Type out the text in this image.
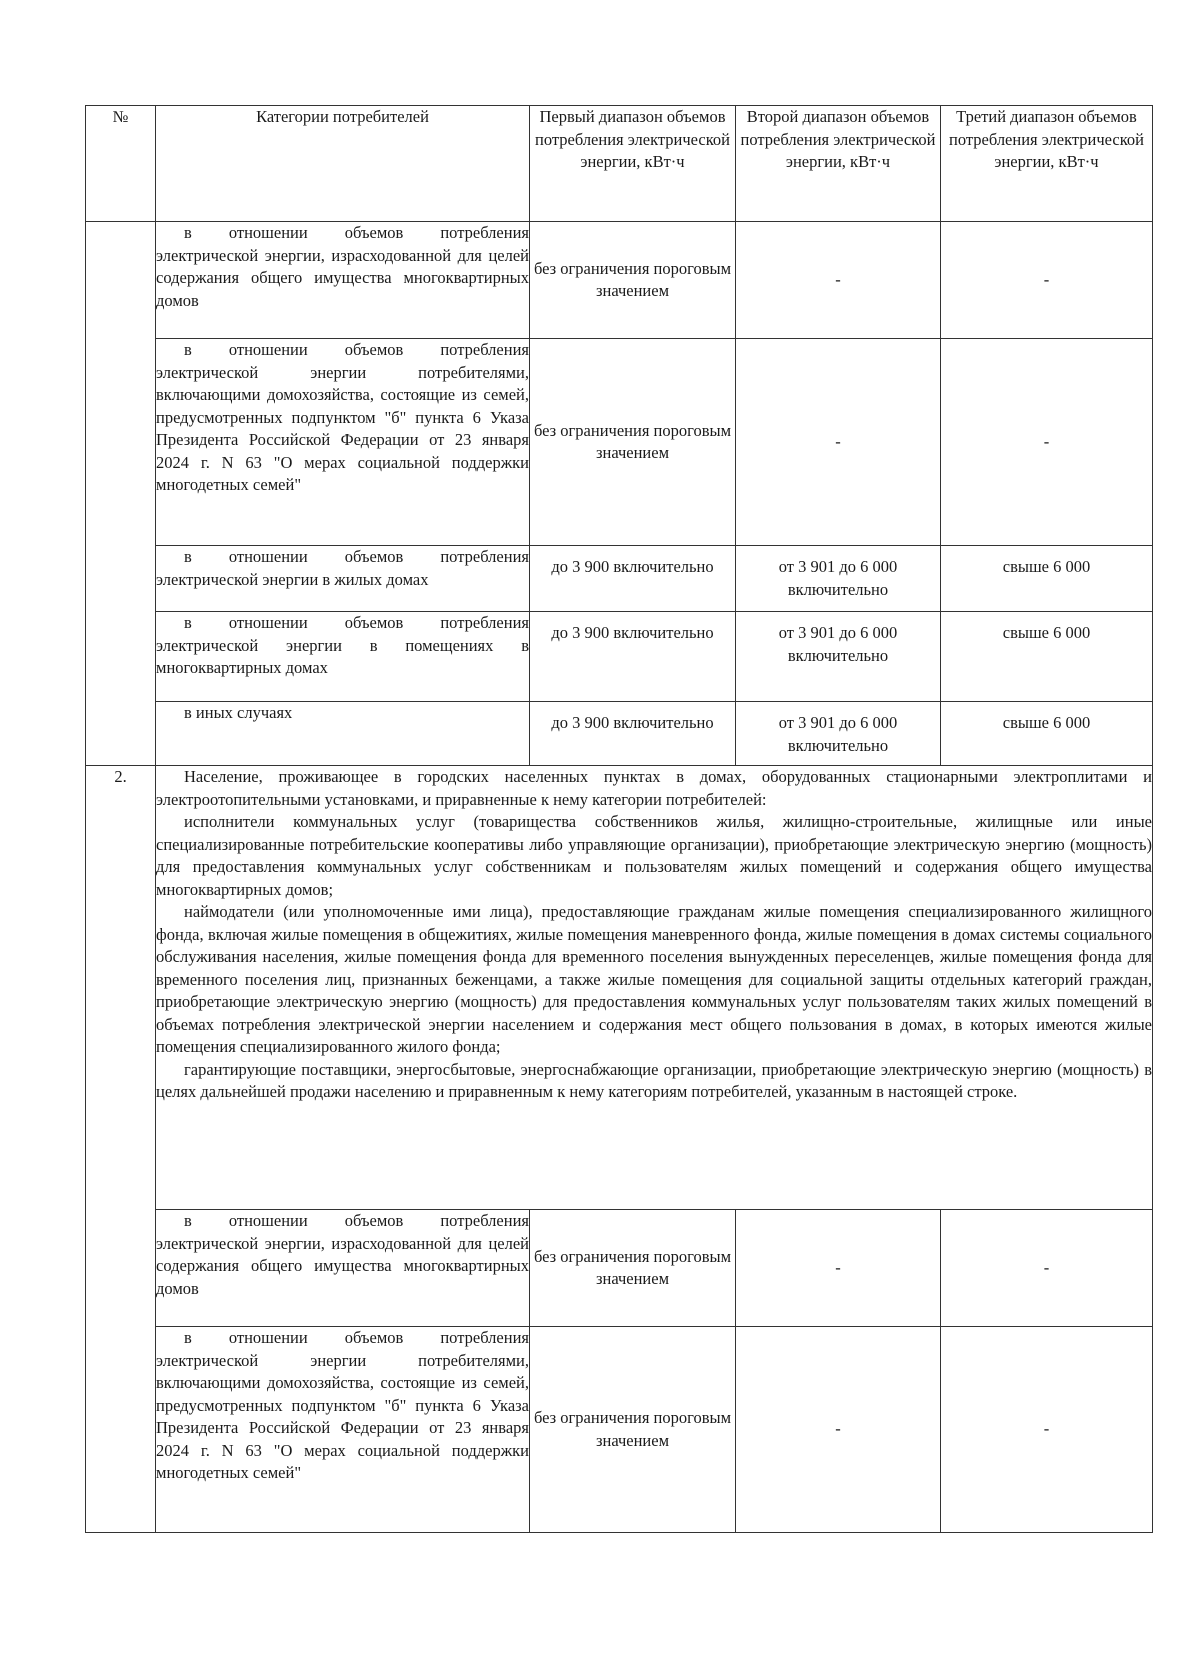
№	Категории потребителей	Первый диапазон объемов потребления электрической энергии, кВт·ч	Второй диапазон объемов потребления электрической энергии, кВт·ч	Третий диапазон объемов потребления электрической энергии, кВт·ч
	в отношении объемов потребления электрической энергии, израсходованной для целей содержания общего имущества многоквартирных домов	без ограничения пороговым значением	-	-
	в отношении объемов потребления электрической энергии потребителями, включающими домохозяйства, состоящие из семей, предусмотренных подпунктом "б" пункта 6 Указа Президента Российской Федерации от 23 января 2024 г. N 63 "О мерах социальной поддержки многодетных семей"	без ограничения пороговым значением	-	-
	в отношении объемов потребления электрической энергии в жилых домах	до 3 900 включительно	от 3 901 до 6 000 включительно	свыше 6 000
	в отношении объемов потребления электрической энергии в помещениях в многоквартирных домах	до 3 900 включительно	от 3 901 до 6 000 включительно	свыше 6 000
	в иных случаях	до 3 900 включительно	от 3 901 до 6 000 включительно	свыше 6 000
2.	Население, проживающее в городских населенных пунктах в домах, оборудованных стационарными электроплитами и электроотопительными установками, и приравненные к нему категории потребителей:

исполнители коммунальных услуг (товарищества собственников жилья, жилищно-строительные, жилищные или иные специализированные потребительские кооперативы либо управляющие организации), приобретающие электрическую энергию (мощность) для предоставления коммунальных услуг собственникам и пользователям жилых помещений и содержания общего имущества многоквартирных домов;

наймодатели (или уполномоченные ими лица), предоставляющие гражданам жилые помещения специализированного жилищного фонда, включая жилые помещения в общежитиях, жилые помещения маневренного фонда, жилые помещения в домах системы социального обслуживания населения, жилые помещения фонда для временного поселения вынужденных переселенцев, жилые помещения фонда для временного поселения лиц, признанных беженцами, а также жилые помещения для социальной защиты отдельных категорий граждан, приобретающие электрическую энергию (мощность) для предоставления коммунальных услуг пользователям таких жилых помещений в объемах потребления электрической энергии населением и содержания мест общего пользования в домах, в которых имеются жилые помещения специализированного жилого фонда;

гарантирующие поставщики, энергосбытовые, энергоснабжающие организации, приобретающие электрическую энергию (мощность) в целях дальнейшей продажи населению и приравненным к нему категориям потребителей, указанным в настоящей строке.			

	в отношении объемов потребления электрической энергии, израсходованной для целей содержания общего имущества многоквартирных домов	без ограничения пороговым значением	-	-
	в отношении объемов потребления электрической энергии потребителями, включающими домохозяйства, состоящие из семей, предусмотренных подпунктом "б" пункта 6 Указа Президента Российской Федерации от 23 января 2024 г. N 63 "О мерах социальной поддержки многодетных семей"	без ограничения пороговым значением	-	-
